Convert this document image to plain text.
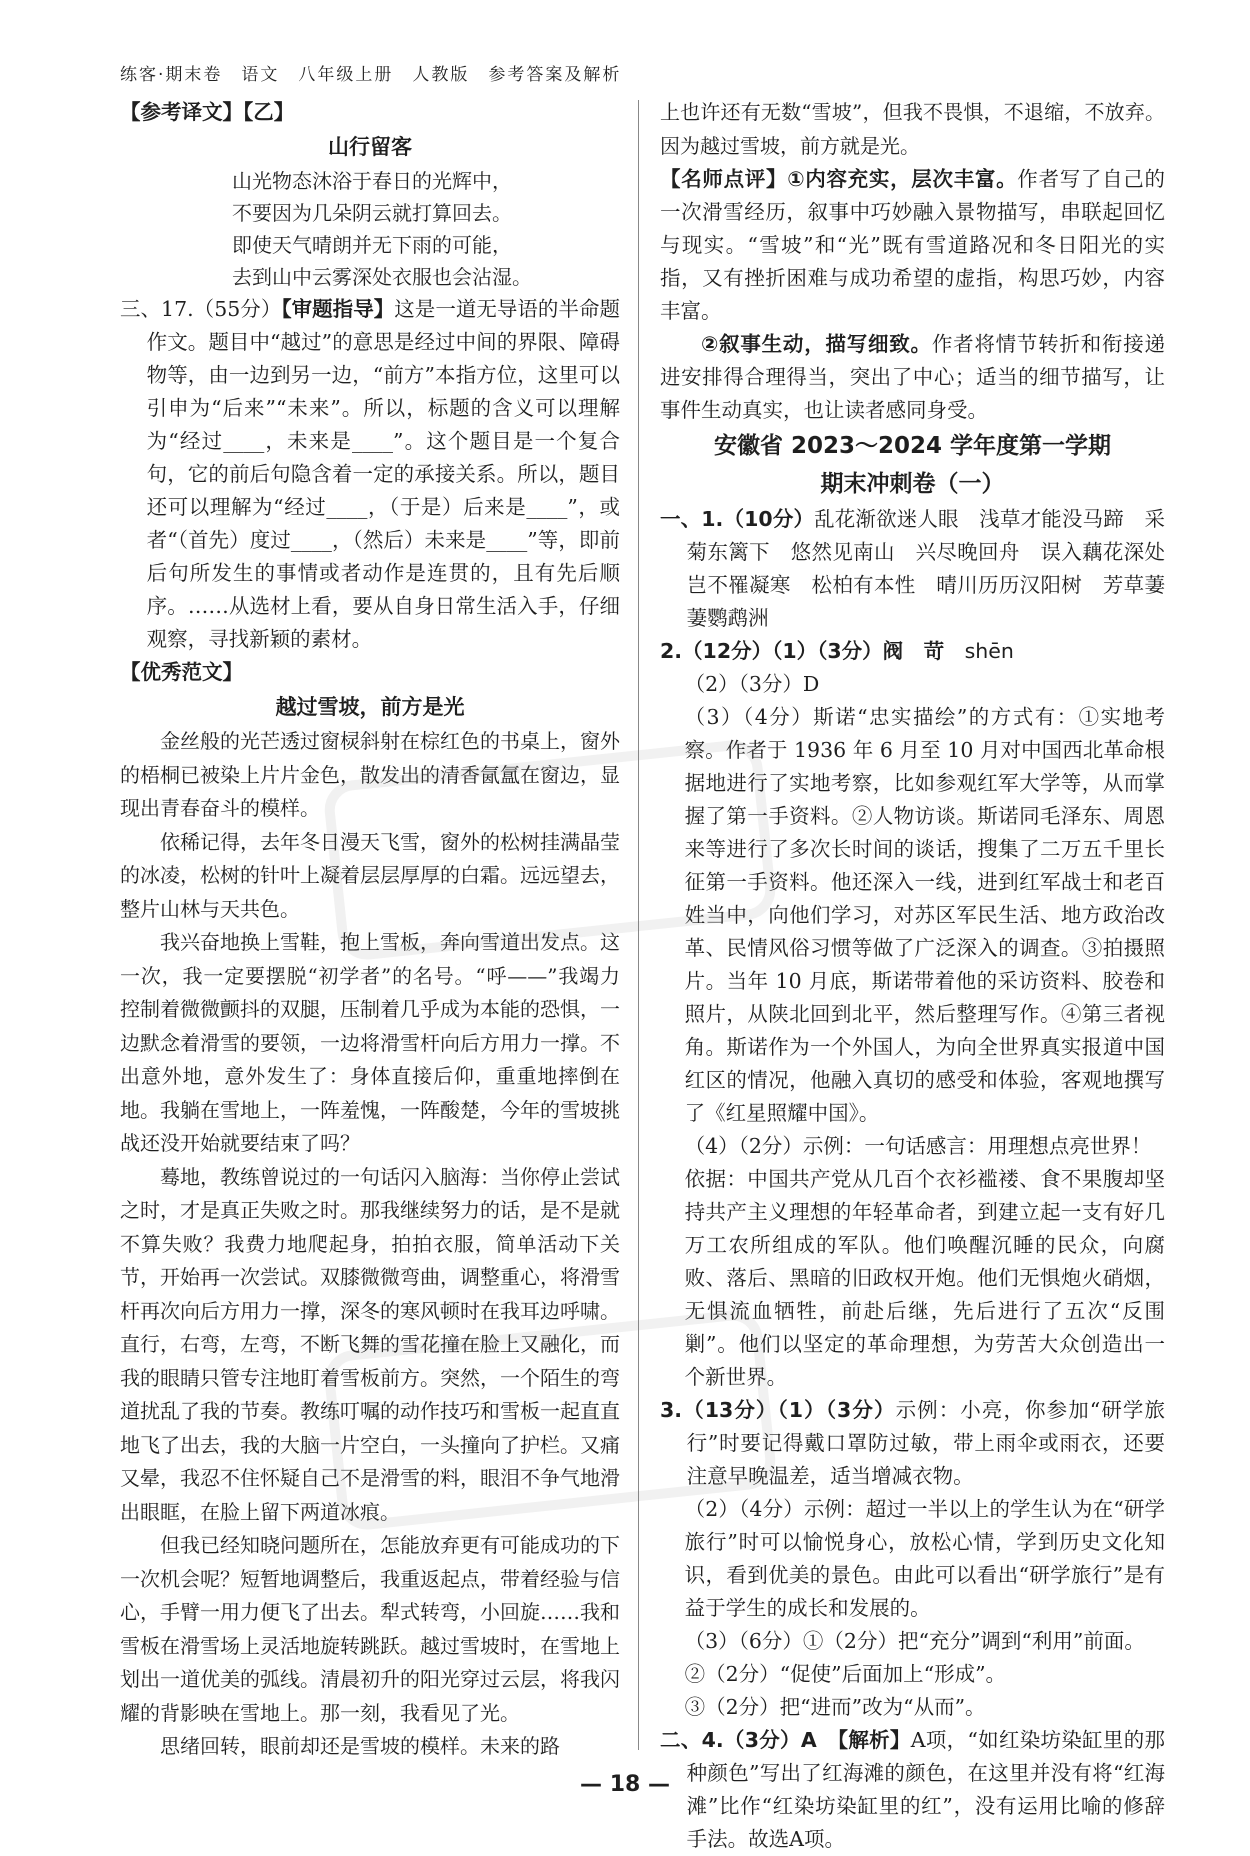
练客·期末卷　语文　八年级上册　人教版　参考答案及解析

【参考译文】【乙】

山行留客

山光物态沐浴于春日的光辉中，

不要因为几朵阴云就打算回去。

即使天气晴朗并无下雨的可能，

去到山中云雾深处衣服也会沾湿。

三、17.（55分）【审题指导】这是一道无导语的半命题作文。题目中“越过”的意思是经过中间的界限、障碍物等，由一边到另一边，“前方”本指方位，这里可以引申为“后来”“未来”。所以，标题的含义可以理解为“经过____，未来是____”。这个题目是一个复合句，它的前后句隐含着一定的承接关系。所以，题目还可以理解为“经过____，（于是）后来是____”，或者“（首先）度过____，（然后）未来是____”等，即前后句所发生的事情或者动作是连贯的，且有先后顺序。……从选材上看，要从自身日常生活入手，仔细观察，寻找新颖的素材。

【优秀范文】

越过雪坡，前方是光

金丝般的光芒透过窗棂斜射在棕红色的书桌上，窗外的梧桐已被染上片片金色，散发出的清香氤氲在窗边，显现出青春奋斗的模样。

依稀记得，去年冬日漫天飞雪，窗外的松树挂满晶莹的冰凌，松树的针叶上凝着层层厚厚的白霜。远远望去，整片山林与天共色。

我兴奋地换上雪鞋，抱上雪板，奔向雪道出发点。这一次，我一定要摆脱“初学者”的名号。“呼——”我竭力控制着微微颤抖的双腿，压制着几乎成为本能的恐惧，一边默念着滑雪的要领，一边将滑雪杆向后方用力一撑。不出意外地，意外发生了：身体直接后仰，重重地摔倒在地。我躺在雪地上，一阵羞愧，一阵酸楚，今年的雪坡挑战还没开始就要结束了吗？

蓦地，教练曾说过的一句话闪入脑海：当你停止尝试之时，才是真正失败之时。那我继续努力的话，是不是就不算失败？我费力地爬起身，拍拍衣服，简单活动下关节，开始再一次尝试。双膝微微弯曲，调整重心，将滑雪杆再次向后方用力一撑，深冬的寒风顿时在我耳边呼啸。直行，右弯，左弯，不断飞舞的雪花撞在脸上又融化，而我的眼睛只管专注地盯着雪板前方。突然，一个陌生的弯道扰乱了我的节奏。教练叮嘱的动作技巧和雪板一起直直地飞了出去，我的大脑一片空白，一头撞向了护栏。又痛又晕，我忍不住怀疑自己不是滑雪的料，眼泪不争气地滑出眼眶，在脸上留下两道冰痕。

但我已经知晓问题所在，怎能放弃更有可能成功的下一次机会呢？短暂地调整后，我重返起点，带着经验与信心，手臂一用力便飞了出去。犁式转弯，小回旋……我和雪板在滑雪场上灵活地旋转跳跃。越过雪坡时，在雪地上划出一道优美的弧线。清晨初升的阳光穿过云层，将我闪耀的背影映在雪地上。那一刻，我看见了光。

思绪回转，眼前却还是雪坡的模样。未来的路

上也许还有无数“雪坡”，但我不畏惧，不退缩，不放弃。因为越过雪坡，前方就是光。

【名师点评】①内容充实，层次丰富。作者写了自己的一次滑雪经历，叙事中巧妙融入景物描写，串联起回忆与现实。“雪坡”和“光”既有雪道路况和冬日阳光的实指，又有挫折困难与成功希望的虚指，构思巧妙，内容丰富。

②叙事生动，描写细致。作者将情节转折和衔接递进安排得合理得当，突出了中心；适当的细节描写，让事件生动真实，也让读者感同身受。

安徽省 2023～2024 学年度第一学期
期末冲刺卷（一）

一、1.（10分）乱花渐欲迷人眼　浅草才能没马蹄　采菊东篱下　悠然见南山　兴尽晚回舟　误入藕花深处　岂不罹凝寒　松柏有本性　晴川历历汉阳树　芳草萋萋鹦鹉洲

2.（12分）（1）（3分）阀　苛　shēn

（2）（3分）D

（3）（4分）斯诺“忠实描绘”的方式有：①实地考察。作者于 1936 年 6 月至 10 月对中国西北革命根据地进行了实地考察，比如参观红军大学等，从而掌握了第一手资料。②人物访谈。斯诺同毛泽东、周恩来等进行了多次长时间的谈话，搜集了二万五千里长征第一手资料。他还深入一线，进到红军战士和老百姓当中，向他们学习，对苏区军民生活、地方政治改革、民情风俗习惯等做了广泛深入的调查。③拍摄照片。当年 10 月底，斯诺带着他的采访资料、胶卷和照片，从陕北回到北平，然后整理写作。④第三者视角。斯诺作为一个外国人，为向全世界真实报道中国红区的情况，他融入真切的感受和体验，客观地撰写了《红星照耀中国》。

（4）（2分）示例：一句话感言：用理想点亮世界！

依据：中国共产党从几百个衣衫褴褛、食不果腹却坚持共产主义理想的年轻革命者，到建立起一支有好几万工农所组成的军队。他们唤醒沉睡的民众，向腐败、落后、黑暗的旧政权开炮。他们无惧炮火硝烟，无惧流血牺牲，前赴后继，先后进行了五次“反围剿”。他们以坚定的革命理想，为劳苦大众创造出一个新世界。

3.（13分）（1）（3分）示例：小亮，你参加“研学旅行”时要记得戴口罩防过敏，带上雨伞或雨衣，还要注意早晚温差，适当增减衣物。

（2）（4分）示例：超过一半以上的学生认为在“研学旅行”时可以愉悦身心，放松心情，学到历史文化知识，看到优美的景色。由此可以看出“研学旅行”是有益于学生的成长和发展的。

（3）（6分）①（2分）把“充分”调到“利用”前面。

②（2分）“促使”后面加上“形成”。

③（2分）把“进而”改为“从而”。

二、4.（3分）A　【解析】A项，“如红染坊染缸里的那种颜色”写出了红海滩的颜色，在这里并没有将“红海滩”比作“红染坊染缸里的红”，没有运用比喻的修辞手法。故选A项。

— 18 —
